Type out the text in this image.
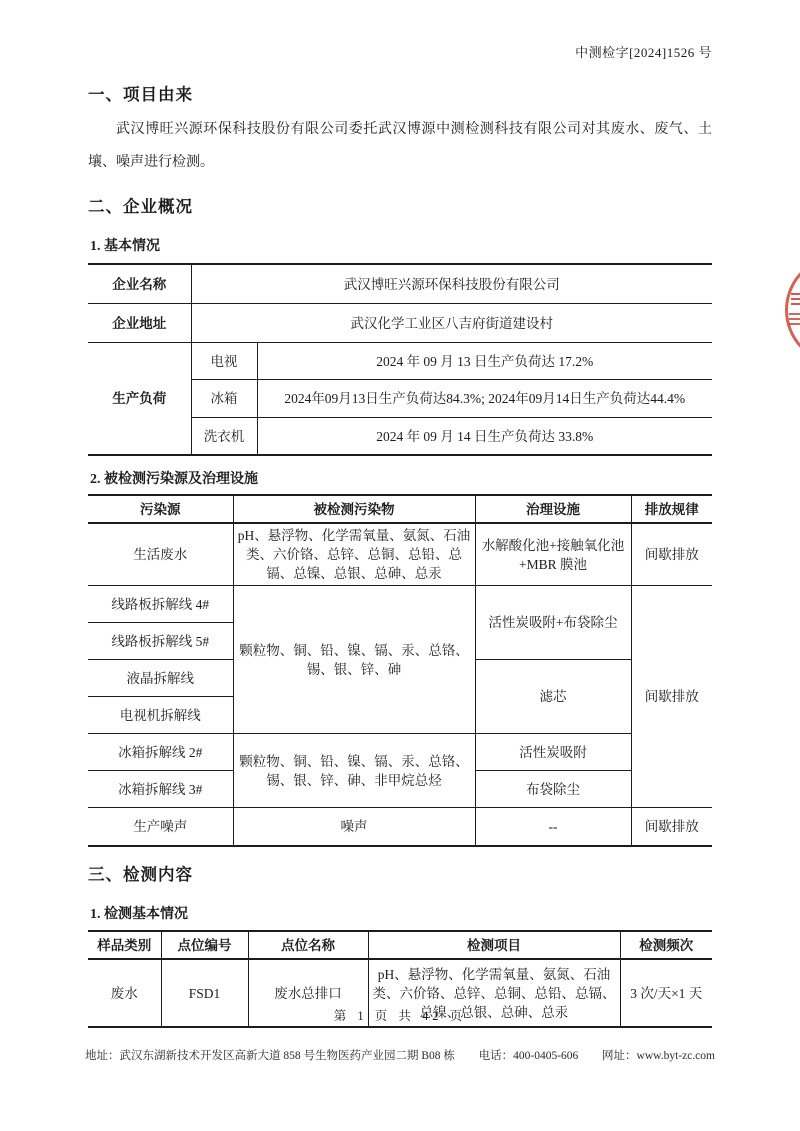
中测检字[2024]1526 号
一、项目由来
武汉博旺兴源环保科技股份有限公司委托武汉博源中测检测科技有限公司对其废水、废气、土壤、噪声进行检测。
二、企业概况
1. 基本情况
企业名称	武汉博旺兴源环保科技股份有限公司	
企业地址	武汉化学工业区八吉府街道建设村	
生产负荷	电视	2024 年 09 月 13 日生产负荷达 17.2%
	冰箱	2024年09月13日生产负荷达84.3%; 2024年09月14日生产负荷达44.4%
	洗衣机	2024 年 09 月 14 日生产负荷达 33.8%
2. 被检测污染源及治理设施
污染源	被检测污染物	治理设施	排放规律
生活废水	pH、悬浮物、化学需氧量、氨氮、石油类、六价铬、总锌、总铜、总铅、总镉、总镍、总银、总砷、总汞	水解酸化池+接触氧化池+MBR 膜池	间歇排放
线路板拆解线 4#	颗粒物、铜、铅、镍、镉、汞、总铬、锡、银、锌、砷	活性炭吸附+布袋除尘	间歇排放
线路板拆解线 5#			
液晶拆解线		滤芯	
电视机拆解线			
冰箱拆解线 2#	颗粒物、铜、铅、镍、镉、汞、总铬、锡、银、锌、砷、非甲烷总烃	活性炭吸附	
冰箱拆解线 3#		布袋除尘	
生产噪声	噪声	--	间歇排放
三、检测内容
1. 检测基本情况
样品类别	点位编号	点位名称	检测项目	检测频次
废水	FSD1	废水总排口	pH、悬浮物、化学需氧量、氨氮、石油类、六价铬、总锌、总铜、总铅、总镉、总镍、总银、总砷、总汞	3 次/天×1 天
第 1 页 共 42 页
地址：武汉东湖新技术开发区高新大道 858 号生物医药产业园二期 B08 栋 电话：400-0405-606 网址：www.byt-zc.com
